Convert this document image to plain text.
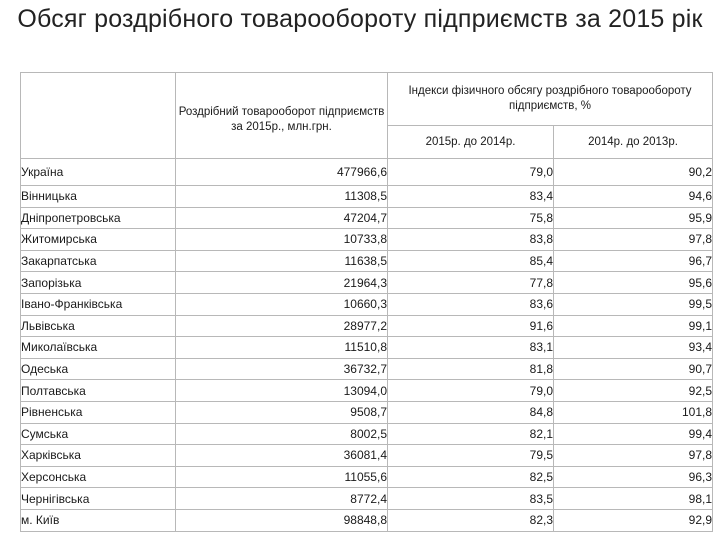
Обсяг роздрібного товарообороту підприємств за 2015 рік

	Роздрібний товарооборот підприємств за 2015р., млн.грн.	Індекси фізичного обсягу роздрібного товарообороту підприємств, %	
		2015р. до 2014р.	2014р. до 2013р.
Україна	477966,6	79,0	90,2
Вінницька	11308,5	83,4	94,6
Дніпропетровська	47204,7	75,8	95,9
Житомирська	10733,8	83,8	97,8
Закарпатська	11638,5	85,4	96,7
Запорізька	21964,3	77,8	95,6
Івано-Франківська	10660,3	83,6	99,5
Львівська	28977,2	91,6	99,1
Миколаївська	11510,8	83,1	93,4
Одеська	36732,7	81,8	90,7
Полтавська	13094,0	79,0	92,5
Рівненська	9508,7	84,8	101,8
Сумська	8002,5	82,1	99,4
Харківська	36081,4	79,5	97,8
Херсонська	11055,6	82,5	96,3
Чернігівська	8772,4	83,5	98,1
м. Київ	98848,8	82,3	92,9
